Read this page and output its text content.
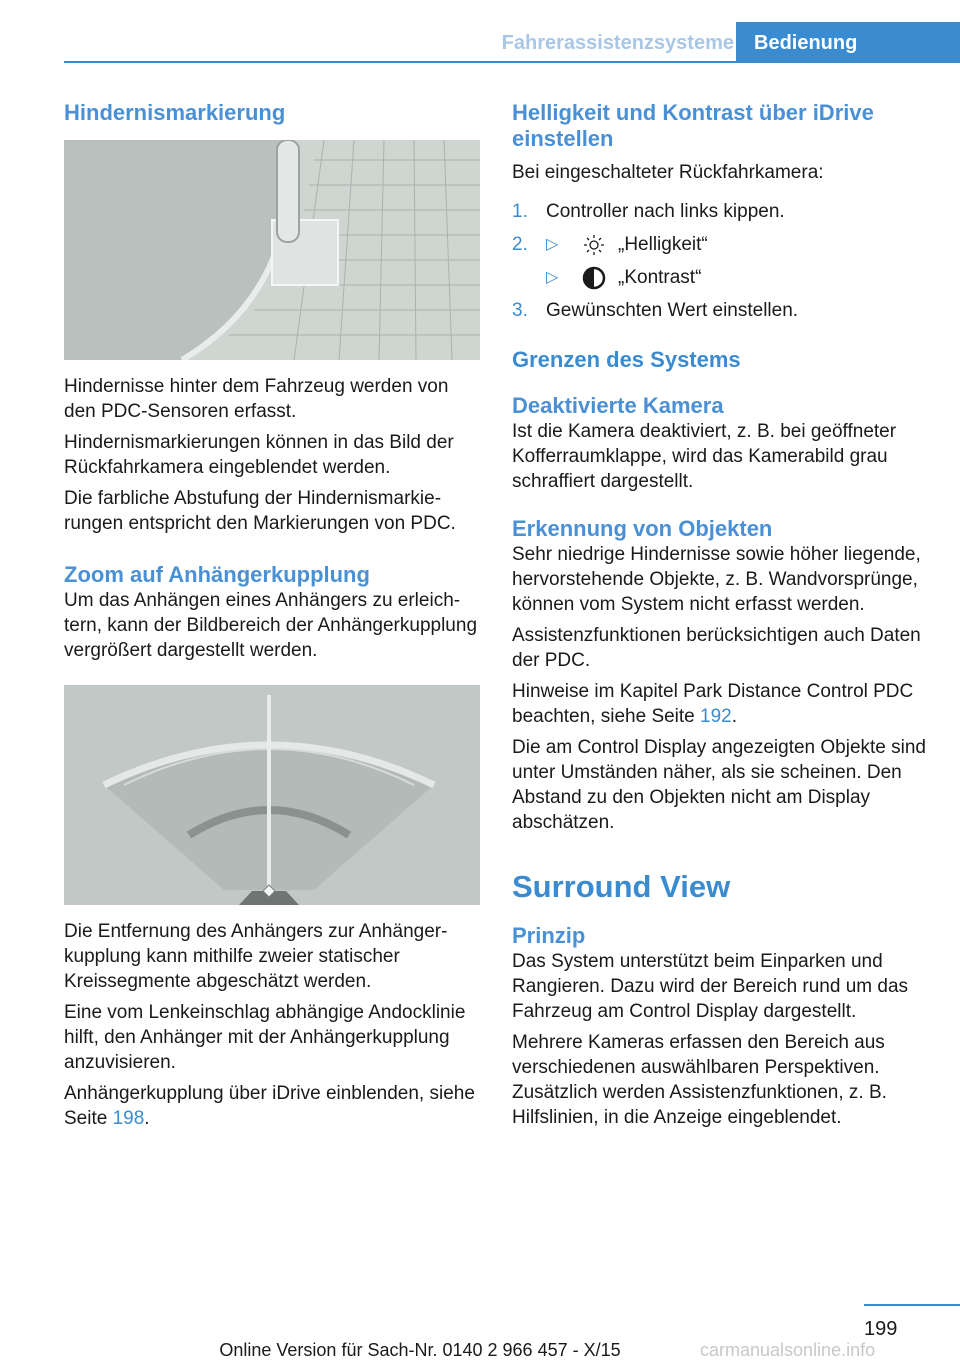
Fahrerassistenzsysteme	Bedienung
Hindernismarkierung

Hindernisse hinter dem Fahrzeug werden von den PDC-Sensoren erfasst.

Hindernismarkierungen können in das Bild der Rückfahrkamera eingeblendet werden.

Die farbliche Abstufung der Hindernismarkierungen entspricht den Markierungen von PDC.

Zoom auf Anhängerkupplung

Um das Anhängen eines Anhängers zu erleichtern, kann der Bildbereich der Anhängerkupplung vergrößert dargestellt werden.

Die Entfernung des Anhängers zur Anhängerkupplung kann mithilfe zweier statischer Kreissegmente abgeschätzt werden.

Eine vom Lenkeinschlag abhängige Andocklinie hilft, den Anhänger mit der Anhängerkupplung anzuvisieren.

Anhängerkupplung über iDrive einblenden, siehe Seite 198.

Helligkeit und Kontrast über iDrive einstellen

Bei eingeschalteter Rückfahrkamera:

1. Controller nach links kippen.
2. ▷	„Helligkeit“
▷	„Kontrast“
3. Gewünschten Wert einstellen.
Grenzen des Systems
Deaktivierte Kamera

Ist die Kamera deaktiviert, z. B. bei geöffneter Kofferraumklappe, wird das Kamerabild grau schraffiert dargestellt.

Erkennung von Objekten

Sehr niedrige Hindernisse sowie höher liegende, hervorstehende Objekte, z. B. Wandvorsprünge, können vom System nicht erfasst werden.

Assistenzfunktionen berücksichtigen auch Daten der PDC.

Hinweise im Kapitel Park Distance Control PDC beachten, siehe Seite 192.

Die am Control Display angezeigten Objekte sind unter Umständen näher, als sie scheinen. Den Abstand zu den Objekten nicht am Display abschätzen.

Surround View
Prinzip

Das System unterstützt beim Einparken und Rangieren. Dazu wird der Bereich rund um das Fahrzeug am Control Display dargestellt.

Mehrere Kameras erfassen den Bereich aus verschiedenen auswählbaren Perspektiven. Zusätzlich werden Assistenzfunktionen, z. B. Hilfslinien, in die Anzeige eingeblendet.

199
Online Version für Sach-Nr. 0140 2 966 457 - X/15	carmanualsonline.info
